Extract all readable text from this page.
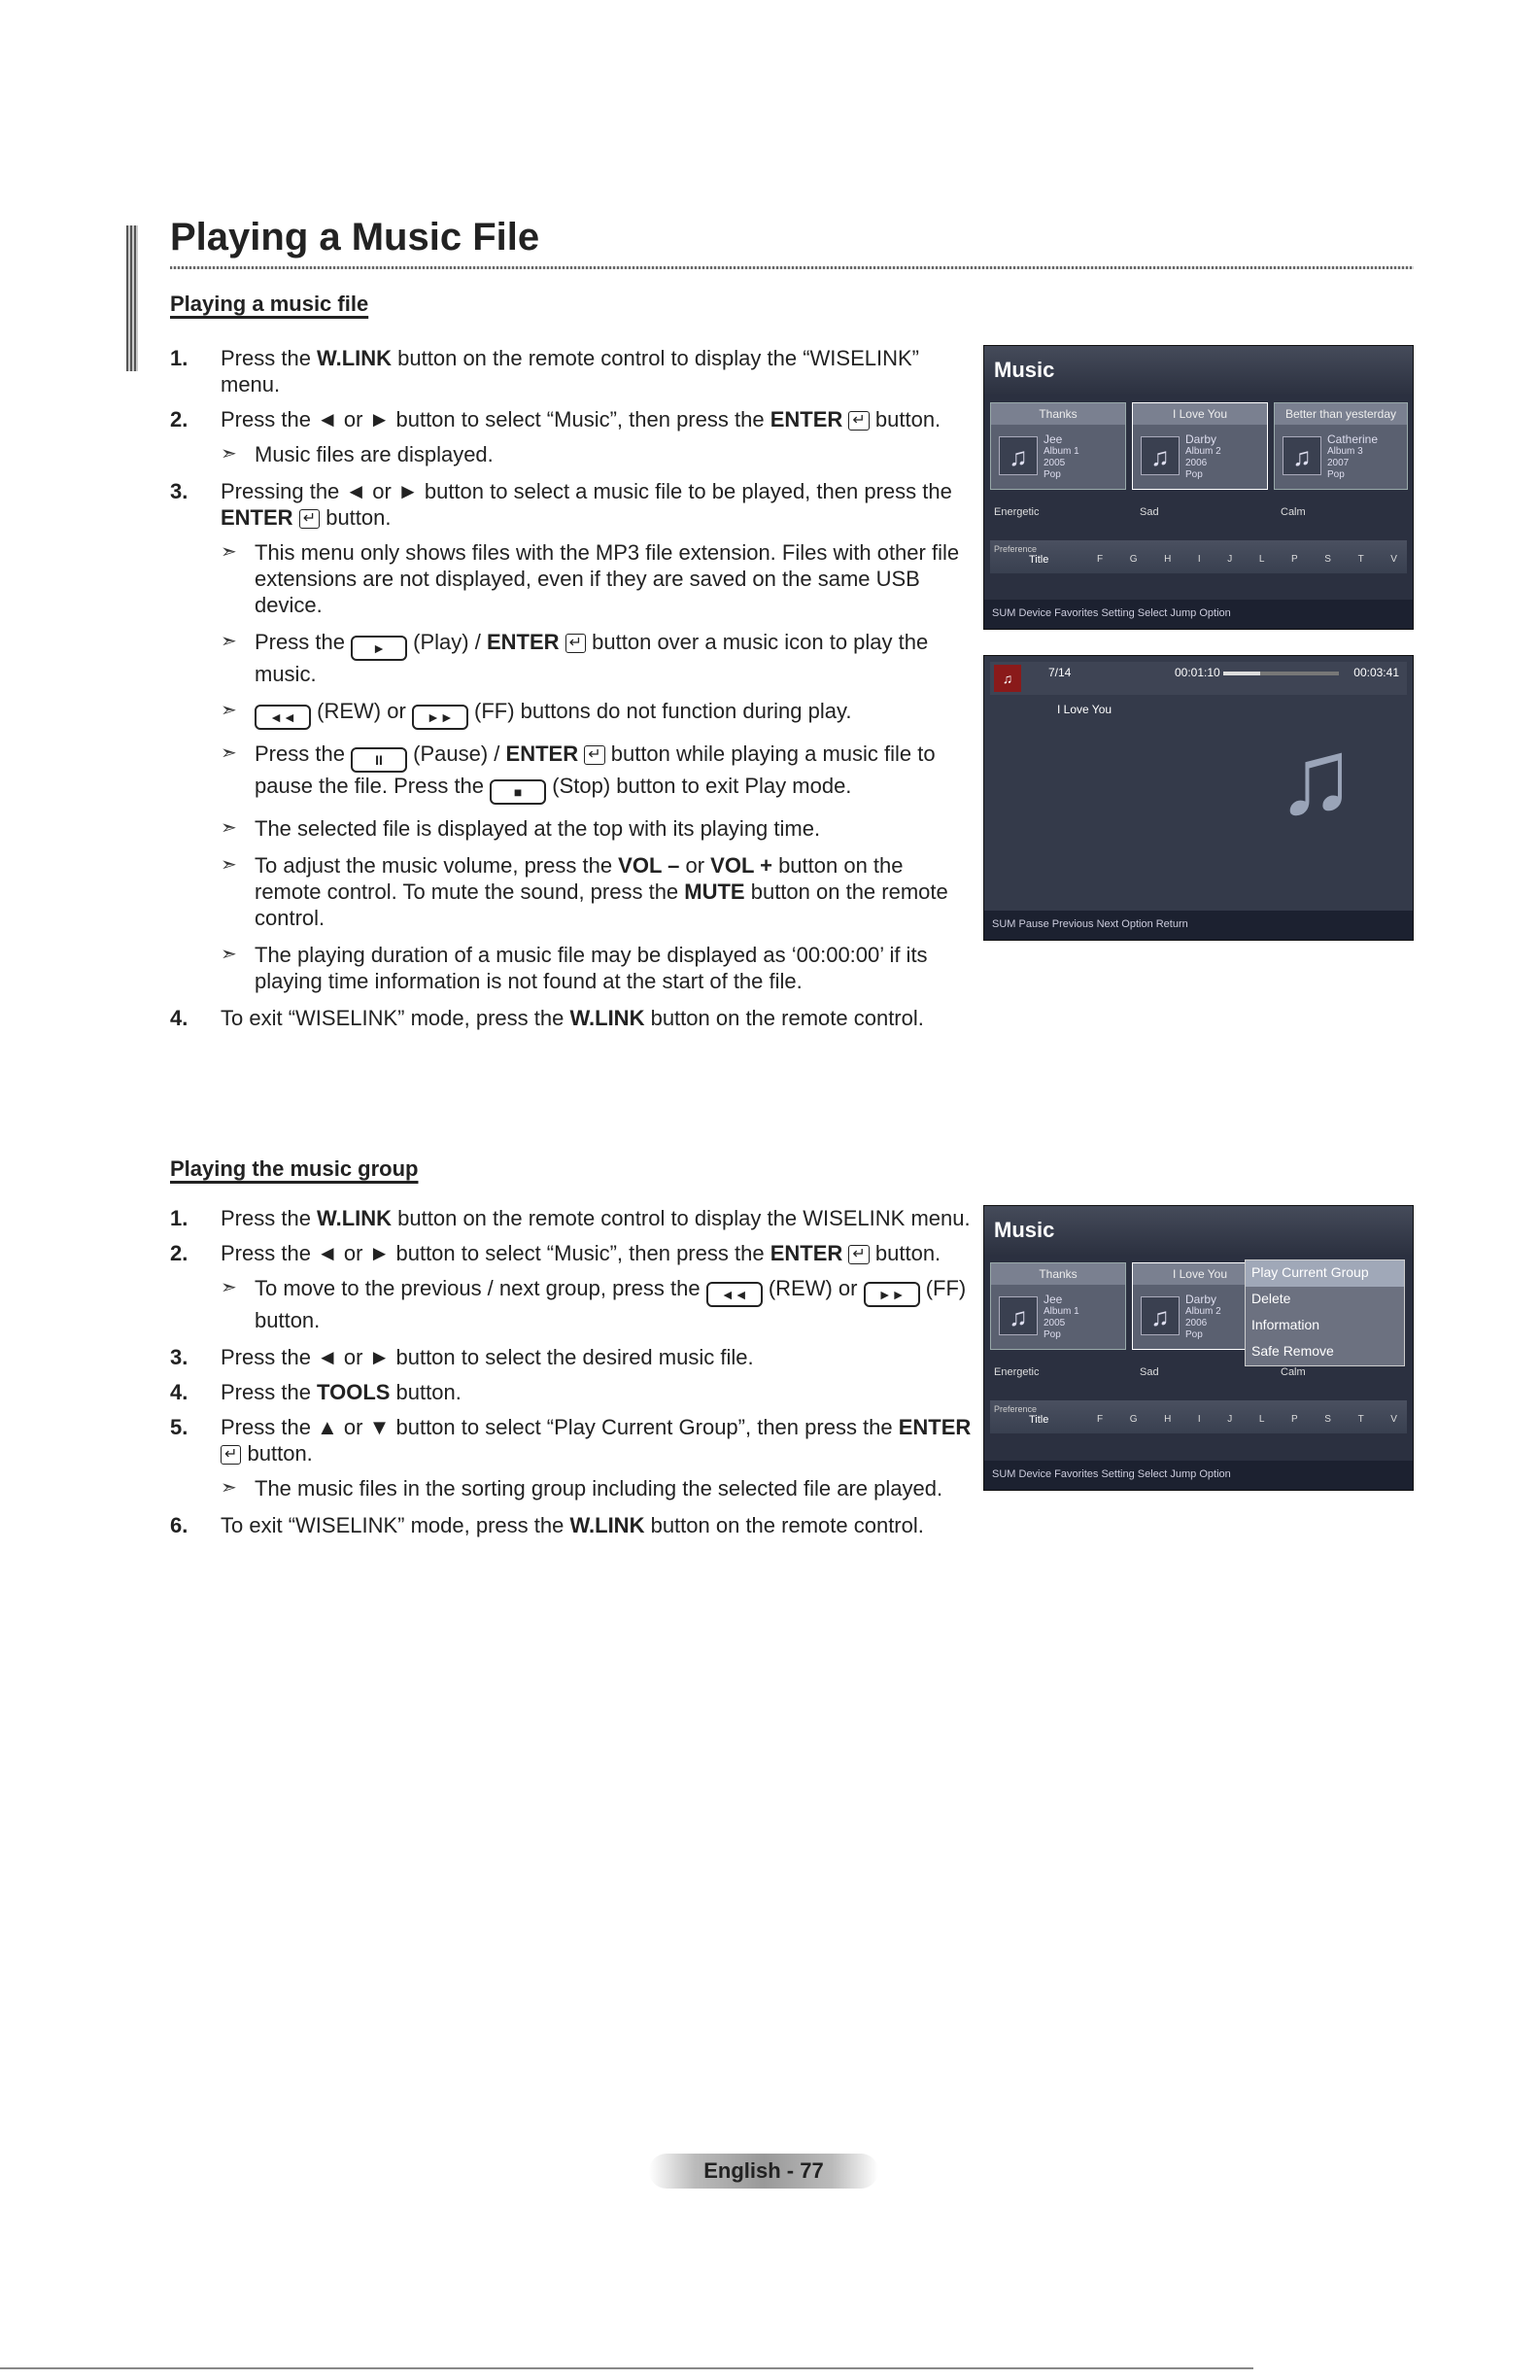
Playing a Music File
Playing a music file
1. Press the W.LINK button on the remote control to display the “WISELINK” menu.
2. Press the ◄ or ► button to select “Music”, then press the ENTER ↵ button.
➣ Music files are displayed.
3. Pressing the ◄ or ► button to select a music file to be played, then press the ENTER ↵ button.
➣ This menu only shows files with the MP3 file extension. Files with other file extensions are not displayed, even if they are saved on the same USB device.
➣ Press the ► (Play) / ENTER ↵ button over a music icon to play the music.
➣ ◄◄ (REW) or ►► (FF) buttons do not function during play.
➣ Press the II (Pause) / ENTER ↵ button while playing a music file to pause the file. Press the ■ (Stop) button to exit Play mode.
➣ The selected file is displayed at the top with its playing time.
➣ To adjust the music volume, press the VOL – or VOL + button on the remote control. To mute the sound, press the MUTE button on the remote control.
➣ The playing duration of a music file may be displayed as ‘00:00:00’ if its playing time information is not found at the start of the file.
4. To exit “WISELINK” mode, press the W.LINK button on the remote control.
Music
Thanks
♫
Jee
Album 1
2005
Pop
I Love You
♫
Darby
Album 2
2006
Pop
Better than yesterday
♫
Catherine
Album 3
2007
Pop
Energetic	Sad	Calm
Preference
Title	F	G	H	I	J	L	P	S	T	V
SUM Device Favorites Setting Select Jump Option
♫	7/14	00:01:10	00:03:41
I Love You
♫
SUM Pause Previous Next Option Return
Playing the music group
1. Press the W.LINK button on the remote control to display the WISELINK menu.
2. Press the ◄ or ► button to select “Music”, then press the ENTER ↵ button.
➣ To move to the previous / next group, press the ◄◄ (REW) or ►► (FF) button.
3. Press the ◄ or ► button to select the desired music file.
4. Press the TOOLS button.
5. Press the ▲ or ▼ button to select “Play Current Group”, then press the ENTER ↵ button.
➣ The music files in the sorting group including the selected file are played.
6. To exit “WISELINK” mode, press the W.LINK button on the remote control.
Music
Thanks
♫
Jee
Album 1
2005
Pop
I Love You
♫
Darby
Album 2
2006
Pop
Energetic	Sad	Calm
Play Current Group
Delete
Information
Safe Remove
Preference
Title	F	G	H	I	J	L	P	S	T	V
SUM Device Favorites Setting Select Jump Option
English - 77
